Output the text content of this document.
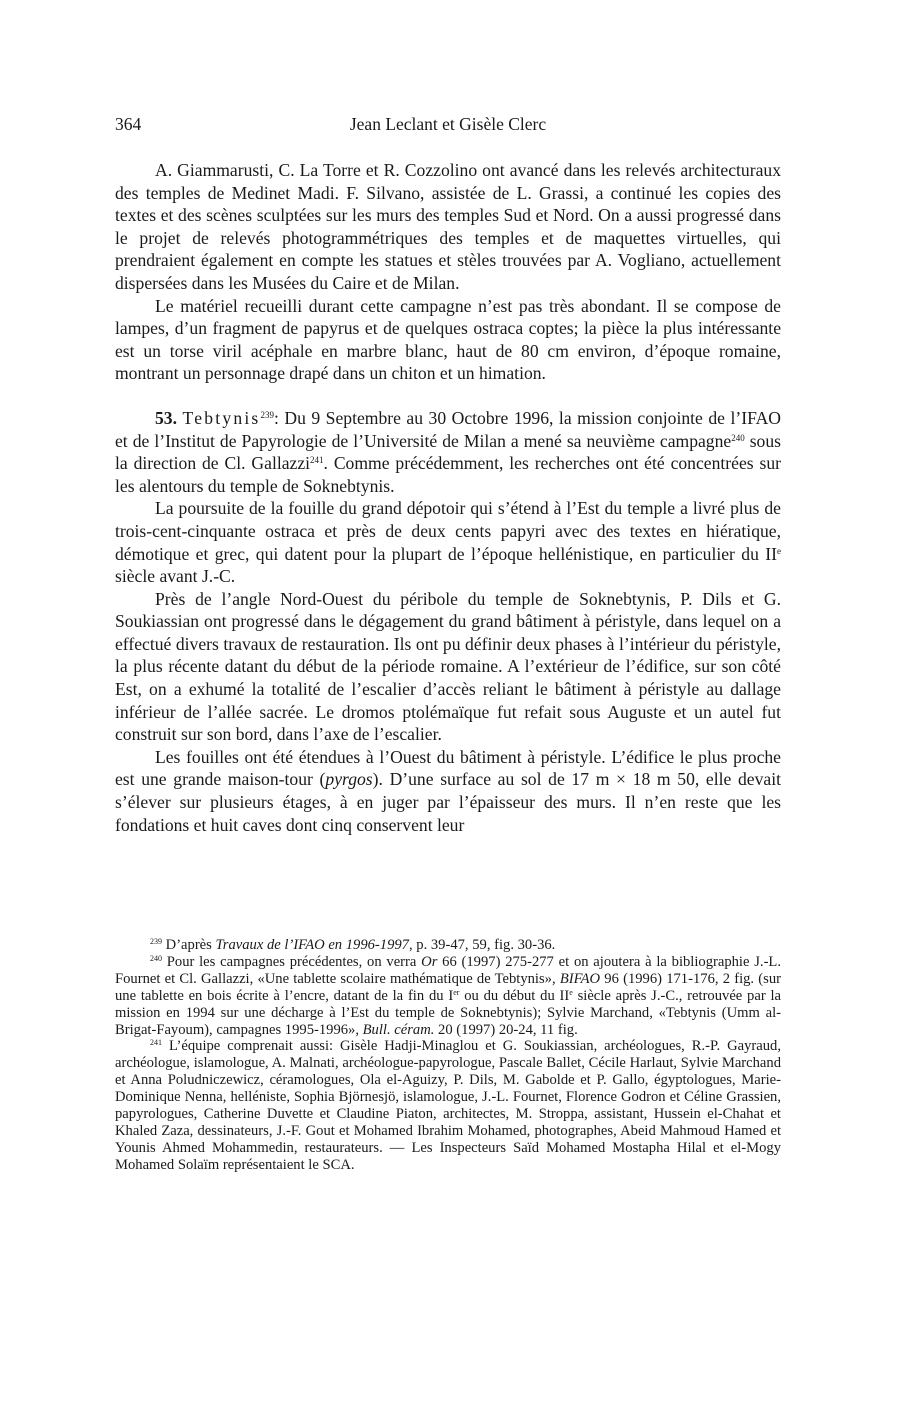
364	Jean Leclant et Gisèle Clerc

A. Giammarusti, C. La Torre et R. Cozzolino ont avancé dans les relevés architecturaux des temples de Medinet Madi. F. Silvano, assistée de L. Grassi, a continué les copies des textes et des scènes sculptées sur les murs des temples Sud et Nord. On a aussi progressé dans le projet de relevés photogrammétriques des temples et de maquettes virtuelles, qui prendraient également en compte les statues et stèles trouvées par A. Vogliano, actuellement dispersées dans les Musées du Caire et de Milan.

Le matériel recueilli durant cette campagne n’est pas très abondant. Il se compose de lampes, d’un fragment de papyrus et de quelques ostraca coptes; la pièce la plus intéressante est un torse viril acéphale en marbre blanc, haut de 80 cm environ, d’époque romaine, montrant un personnage drapé dans un chiton et un himation.

53. Tebtynis$^{239}$: Du 9 Septembre au 30 Octobre 1996, la mission conjointe de l’IFAO et de l’Institut de Papyrologie de l’Université de Milan a mené sa neuvième campagne$^{240}$ sous la direction de Cl. Gallazzi$^{241}$. Comme précédemment, les recherches ont été concentrées sur les alentours du temple de Soknebtynis.

La poursuite de la fouille du grand dépotoir qui s’étend à l’Est du temple a livré plus de trois-cent-cinquante ostraca et près de deux cents papyri avec des textes en hiératique, démotique et grec, qui datent pour la plupart de l’époque hellénistique, en particulier du IIe siècle avant J.-C.

Près de l’angle Nord-Ouest du péribole du temple de Soknebtynis, P. Dils et G. Soukiassian ont progressé dans le dégagement du grand bâtiment à péristyle, dans lequel on a effectué divers travaux de restauration. Ils ont pu définir deux phases à l’intérieur du péristyle, la plus récente datant du début de la période romaine. A l’extérieur de l’édifice, sur son côté Est, on a exhumé la totalité de l’escalier d’accès reliant le bâtiment à péristyle au dallage inférieur de l’allée sacrée. Le dromos ptolémaïque fut refait sous Auguste et un autel fut construit sur son bord, dans l’axe de l’escalier.

Les fouilles ont été étendues à l’Ouest du bâtiment à péristyle. L’édifice le plus proche est une grande maison-tour (pyrgos). D’une surface au sol de 17 m × 18 m 50, elle devait s’élever sur plusieurs étages, à en juger par l’épaisseur des murs. Il n’en reste que les fondations et huit caves dont cinq conservent leur

$^{239}$ D’après Travaux de l’IFAO en 1996-1997, p. 39-47, 59, fig. 30-36.

$^{240}$ Pour les campagnes précédentes, on verra Or 66 (1997) 275-277 et on ajoutera à la bibliographie J.-L. Fournet et Cl. Gallazzi, «Une tablette scolaire mathématique de Tebtynis», BIFAO 96 (1996) 171-176, 2 fig. (sur une tablette en bois écrite à l’encre, datant de la fin du Ier ou du début du IIe siècle après J.-C., retrouvée par la mission en 1994 sur une décharge à l’Est du temple de Soknebtynis); Sylvie Marchand, «Tebtynis (Umm al-Brigat-Fayoum), campagnes 1995-1996», Bull. céram. 20 (1997) 20-24, 11 fig.

$^{241}$ L’équipe comprenait aussi: Gisèle Hadji-Minaglou et G. Soukiassian, archéologues, R.-P. Gayraud, archéologue, islamologue, A. Malnati, archéologue-papyrologue, Pascale Ballet, Cécile Harlaut, Sylvie Marchand et Anna Poludniczewicz, céramologues, Ola el-Aguizy, P. Dils, M. Gabolde et P. Gallo, égyptologues, Marie-Dominique Nenna, helléniste, Sophia Björnesjö, islamologue, J.-L. Fournet, Florence Godron et Céline Grassien, papyrologues, Catherine Duvette et Claudine Piaton, architectes, M. Stroppa, assistant, Hussein el-Chahat et Khaled Zaza, dessinateurs, J.-F. Gout et Mohamed Ibrahim Mohamed, photographes, Abeid Mahmoud Hamed et Younis Ahmed Mohammedin, restaurateurs. — Les Inspecteurs Saïd Mohamed Mostapha Hilal et el-Mogy Mohamed Solaïm représentaient le SCA.
